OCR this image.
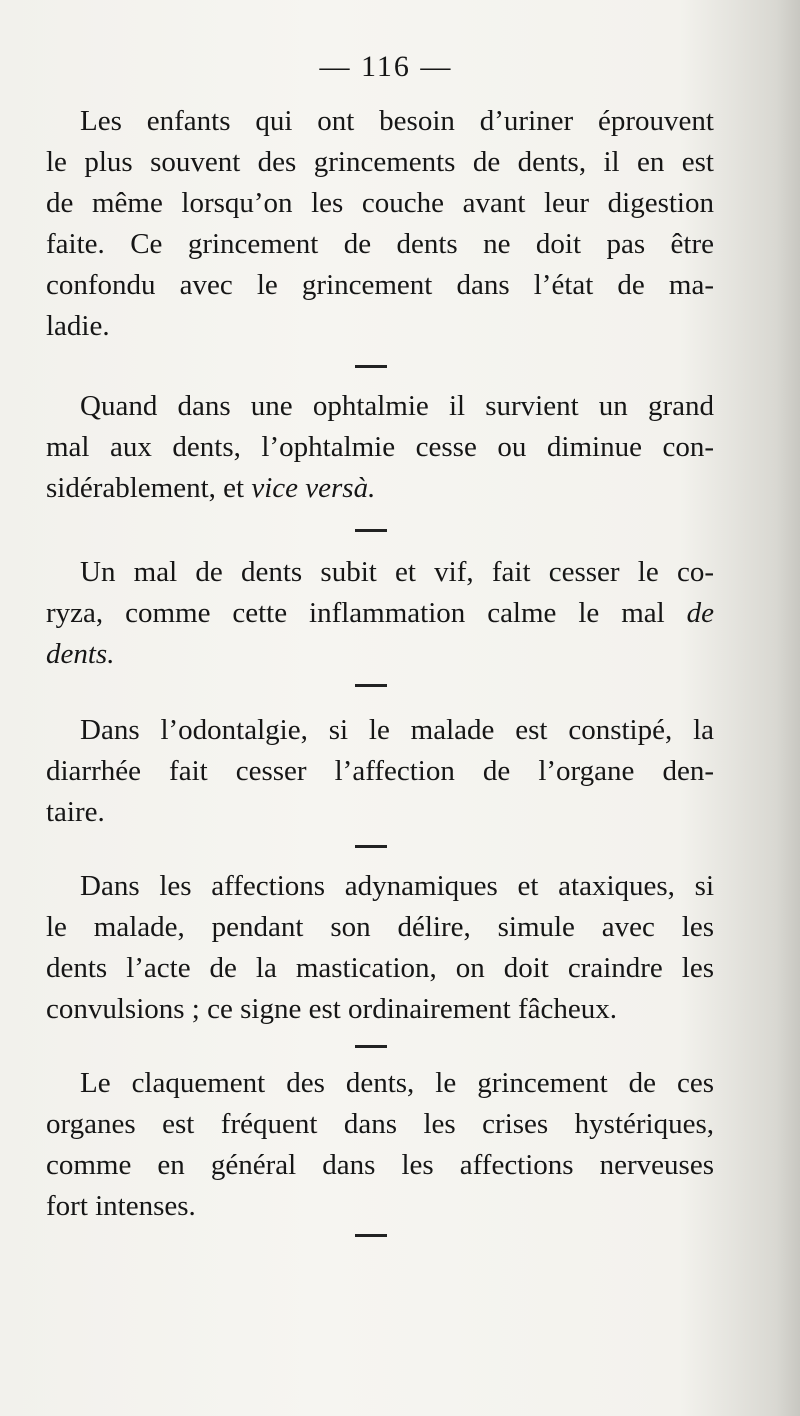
— 116 —
Les enfants qui ont besoin d’uriner éprouvent
le plus souvent des grincements de dents, il en est
de même lorsqu’on les couche avant leur digestion
faite. Ce grincement de dents ne doit pas être
confondu avec le grincement dans l’état de ma-
ladie.
Quand dans une ophtalmie il survient un grand
mal aux dents, l’ophtalmie cesse ou diminue con-
sidérablement, et vice versà.
Un mal de dents subit et vif, fait cesser le co-
ryza, comme cette inflammation calme le mal de
dents.
Dans l’odontalgie, si le malade est constipé, la
diarrhée fait cesser l’affection de l’organe den-
taire.
Dans les affections adynamiques et ataxiques, si
le malade, pendant son délire, simule avec les
dents l’acte de la mastication, on doit craindre les
convulsions ; ce signe est ordinairement fâcheux.
Le claquement des dents, le grincement de ces
organes est fréquent dans les crises hystériques,
comme en général dans les affections nerveuses
fort intenses.
